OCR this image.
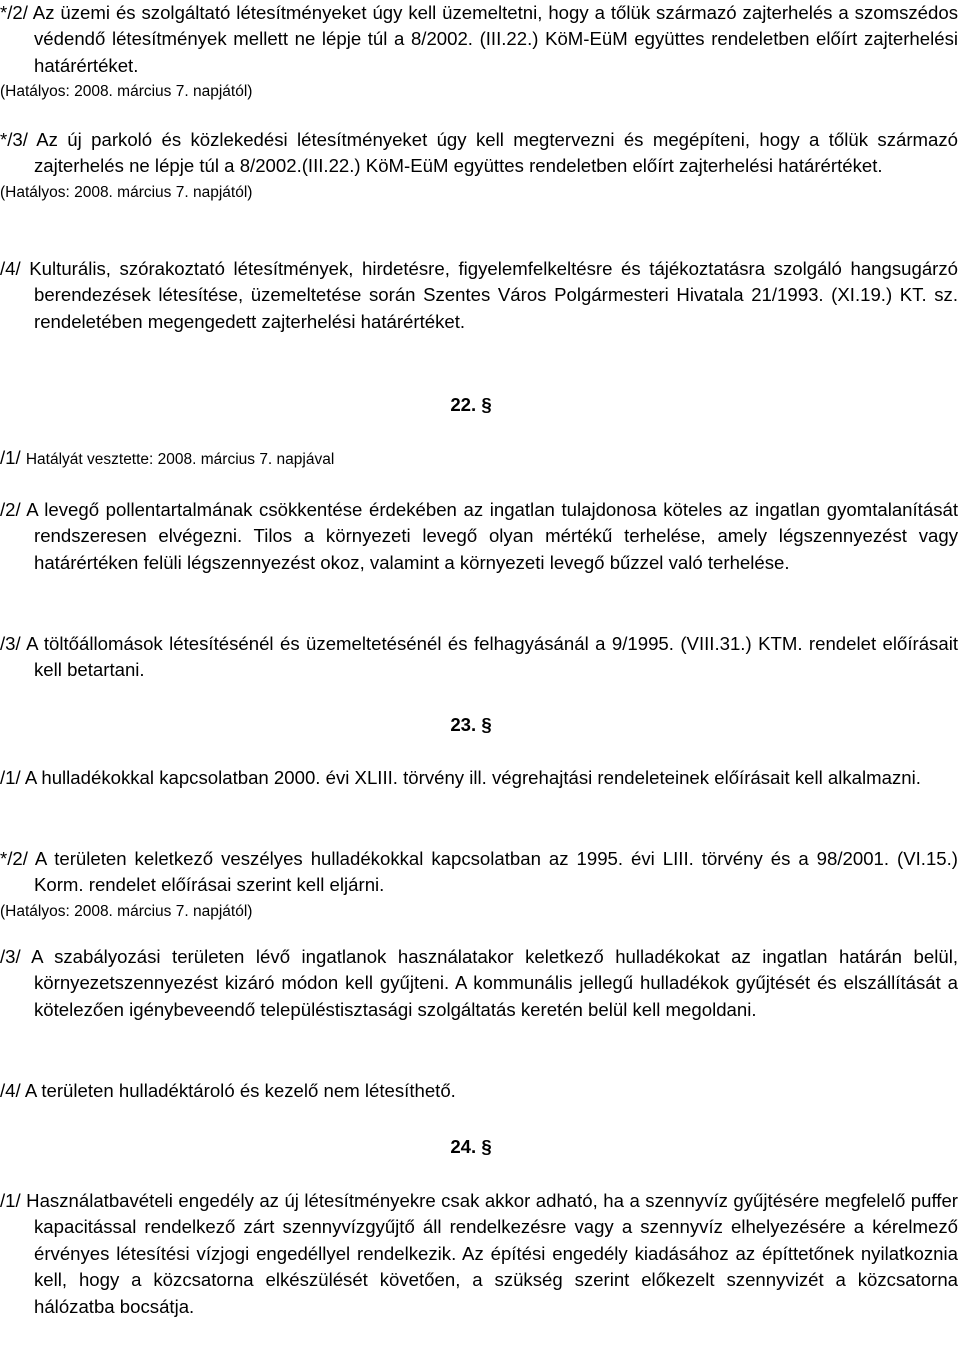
*/2/ Az üzemi és szolgáltató létesítményeket úgy kell üzemeltetni, hogy a tőlük származó zajterhelés a szomszédos védendő létesítmények mellett ne lépje túl a 8/2002. (III.22.) KöM-EüM együttes rendeletben előírt zajterhelési határértéket.
(Hatályos: 2008. március 7. napjától)
*/3/ Az új parkoló és közlekedési létesítményeket úgy kell megtervezni és megépíteni, hogy a tőlük származó zajterhelés ne lépje túl a 8/2002.(III.22.) KöM-EüM együttes rendeletben előírt zajterhelési határértéket.
(Hatályos: 2008. március 7. napjától)
/4/ Kulturális, szórakoztató létesítmények, hirdetésre, figyelemfelkeltésre és tájékoztatásra szolgáló hangsugárzó berendezések létesítése, üzemeltetése során Szentes Város Polgármesteri Hivatala 21/1993. (XI.19.) KT. sz. rendeletében megengedett zajterhelési határértéket.
22. §
/1/ Hatályát vesztette: 2008. március 7. napjával
/2/ A levegő pollentartalmának csökkentése érdekében az ingatlan tulajdonosa köteles az ingatlan gyomtalanítását rendszeresen elvégezni. Tilos a környezeti levegő olyan mértékű terhelése, amely légszennyezést vagy határértéken felüli légszennyezést okoz, valamint a környezeti levegő bűzzel való terhelése.
/3/ A töltőállomások létesítésénél és üzemeltetésénél és felhagyásánál a 9/1995. (VIII.31.) KTM. rendelet előírásait kell betartani.
23. §
/1/ A hulladékokkal kapcsolatban 2000. évi XLIII. törvény ill. végrehajtási rendeleteinek előírásait kell alkalmazni.
*/2/ A területen keletkező veszélyes hulladékokkal kapcsolatban az 1995. évi LIII. törvény és a 98/2001. (VI.15.) Korm. rendelet előírásai szerint kell eljárni.
(Hatályos: 2008. március 7. napjától)
/3/ A szabályozási területen lévő ingatlanok használatakor keletkező hulladékokat az ingatlan határán belül, környezetszennyezést kizáró módon kell gyűjteni. A kommunális jellegű hulladékok gyűjtését és elszállítását a kötelezően igénybeveendő településtisztasági szolgáltatás keretén belül kell megoldani.
/4/ A területen hulladéktároló és kezelő nem létesíthető.
24. §
/1/ Használatbavételi engedély az új létesítményekre csak akkor adható, ha a szennyvíz gyűjtésére megfelelő puffer kapacitással rendelkező zárt szennyvízgyűjtő áll rendelkezésre vagy a szennyvíz elhelyezésére a kérelmező érvényes létesítési vízjogi engedéllyel rendelkezik. Az építési engedély kiadásához az építtetőnek nyilatkoznia kell, hogy a közcsatorna elkészülését követően, a szükség szerint előkezelt szennyvizét a közcsatorna hálózatba bocsátja.
